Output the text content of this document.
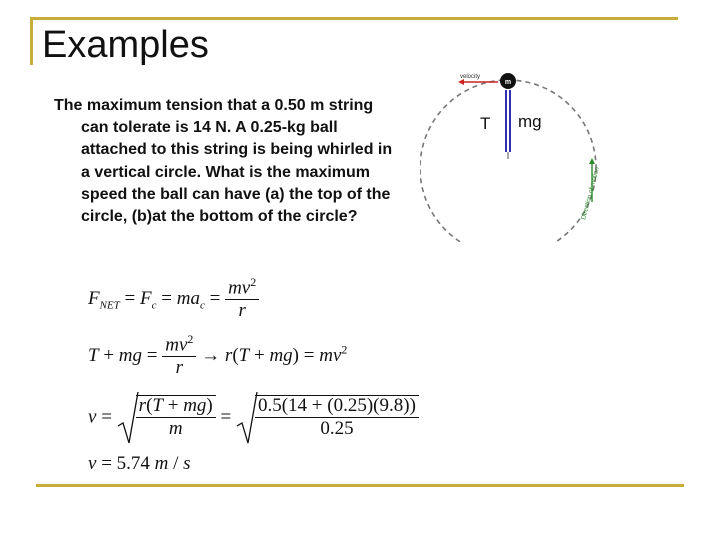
Examples
The maximum tension that a 0.50 m string can tolerate is 14 N. A 0.25-kg ball attached to this string is being whirled in a vertical circle. What is the maximum speed the ball can have (a) the top of the circle, (b)at the bottom of the circle?
$F_{NET} = F_c = ma_c = \frac{mv^2}{r}$
T + mg = $\frac{mv^2}{r} \to r(T + mg) = mv^2$
$v = \frac{r(T + mg)}{m} = \frac{0.5(14 + (0.25)(9.8))}{0.25}$
v = 5.74 m / s
velocity
m
Direction of motion
T mg
